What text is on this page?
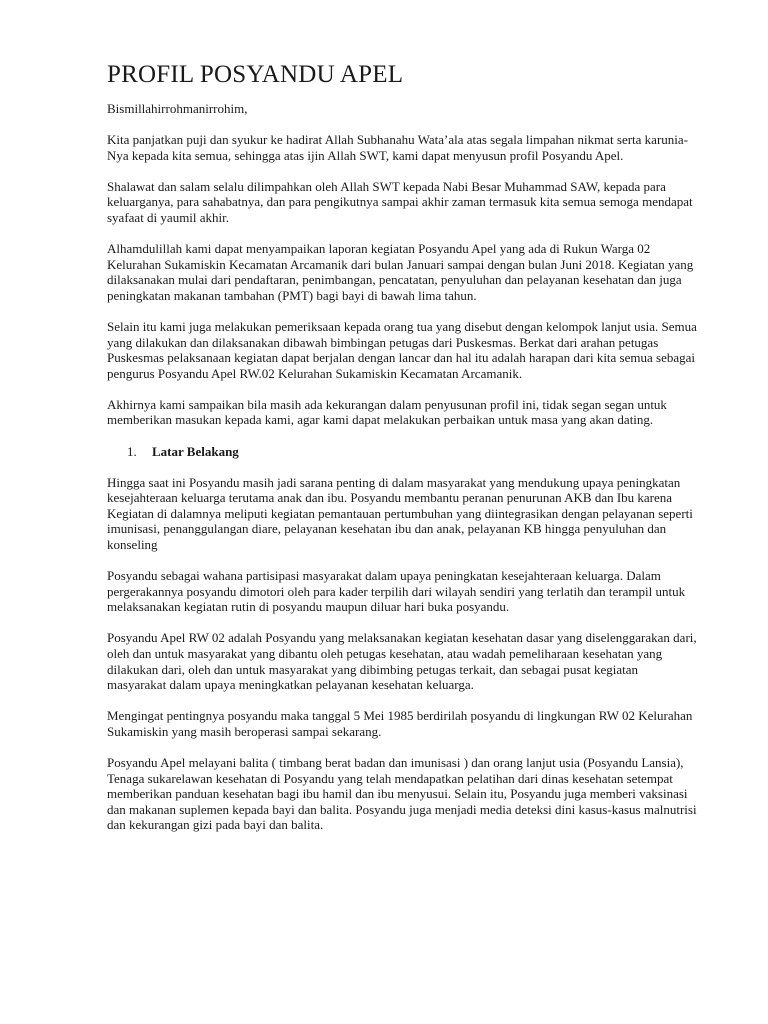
PROFIL POSYANDU APEL

Bismillahirrohmanirrohim,

Kita panjatkan puji dan syukur ke hadirat Allah Subhanahu Wata’ala atas segala limpahan nikmat serta karunia-Nya kepada kita semua, sehingga atas ijin Allah SWT, kami dapat menyusun profil Posyandu Apel.

Shalawat dan salam selalu dilimpahkan oleh Allah SWT kepada Nabi Besar Muhammad SAW, kepada para keluarganya, para sahabatnya, dan para pengikutnya sampai akhir zaman termasuk kita semua semoga mendapat syafaat di yaumil akhir.

Alhamdulillah kami dapat menyampaikan laporan kegiatan Posyandu Apel yang ada di Rukun Warga 02 Kelurahan Sukamiskin Kecamatan Arcamanik dari bulan Januari sampai dengan bulan Juni 2018. Kegiatan yang dilaksanakan mulai dari pendaftaran, penimbangan, pencatatan, penyuluhan dan pelayanan kesehatan dan juga peningkatan makanan tambahan (PMT) bagi bayi di bawah lima tahun.

Selain itu kami juga melakukan pemeriksaan kepada orang tua yang disebut dengan kelompok lanjut usia. Semua yang dilakukan dan dilaksanakan dibawah bimbingan petugas dari Puskesmas. Berkat dari arahan petugas Puskesmas pelaksanaan kegiatan dapat berjalan dengan lancar dan hal itu adalah harapan dari kita semua sebagai pengurus Posyandu Apel RW.02 Kelurahan Sukamiskin Kecamatan Arcamanik.

Akhirnya kami sampaikan bila masih ada kekurangan dalam penyusunan profil ini, tidak segan segan untuk memberikan masukan kepada kami, agar kami dapat melakukan perbaikan untuk masa yang akan dating.

1.	Latar Belakang

Hingga saat ini Posyandu masih jadi sarana penting di dalam masyarakat yang mendukung upaya peningkatan kesejahteraan keluarga terutama anak dan ibu. Posyandu membantu peranan penurunan AKB dan Ibu karena Kegiatan di dalamnya meliputi kegiatan pemantauan pertumbuhan yang diintegrasikan dengan pelayanan seperti imunisasi, penanggulangan diare, pelayanan kesehatan ibu dan anak, pelayanan KB hingga penyuluhan dan konseling

Posyandu sebagai wahana partisipasi masyarakat dalam upaya peningkatan kesejahteraan keluarga. Dalam pergerakannya posyandu dimotori oleh para kader terpilih dari wilayah sendiri yang terlatih dan terampil untuk melaksanakan kegiatan rutin di posyandu maupun diluar hari buka posyandu.

Posyandu Apel RW 02 adalah Posyandu yang melaksanakan kegiatan kesehatan dasar yang diselenggarakan dari, oleh dan untuk masyarakat yang dibantu oleh petugas kesehatan, atau wadah pemeliharaan kesehatan yang dilakukan dari, oleh dan untuk masyarakat yang dibimbing petugas terkait, dan sebagai pusat kegiatan masyarakat dalam upaya meningkatkan pelayanan kesehatan keluarga.

Mengingat pentingnya posyandu maka tanggal 5 Mei 1985 berdirilah posyandu di lingkungan RW 02 Kelurahan Sukamiskin yang masih beroperasi sampai sekarang.

Posyandu Apel melayani balita ( timbang berat badan dan imunisasi ) dan orang lanjut usia (Posyandu Lansia), Tenaga sukarelawan kesehatan di Posyandu yang telah mendapatkan pelatihan dari dinas kesehatan setempat memberikan panduan kesehatan bagi ibu hamil dan ibu menyusui. Selain itu, Posyandu juga memberi vaksinasi dan makanan suplemen kepada bayi dan balita. Posyandu juga menjadi media deteksi dini kasus-kasus malnutrisi dan kekurangan gizi pada bayi dan balita.
